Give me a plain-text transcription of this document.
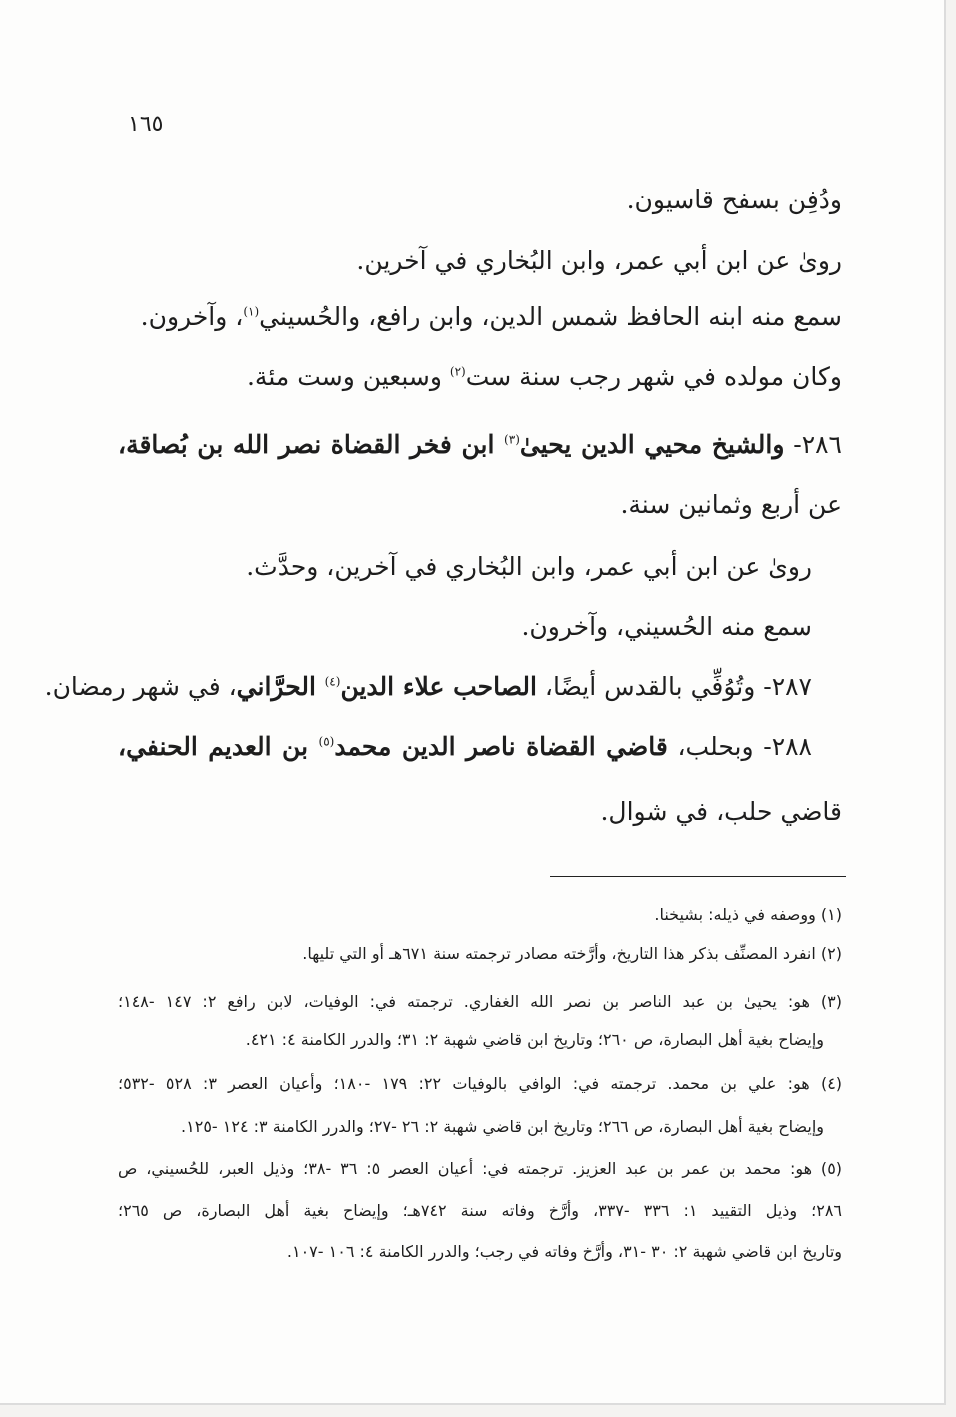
١٦٥
ودُفِن بسفح قاسيون.
روىٰ عن ابن أبي عمر، وابن البُخاري في آخرين.
سمع منه ابنه الحافظ شمس الدين، وابن رافع، والحُسيني$^{(١)}$، وآخرون.
وكان مولده في شهر رجب سنة ست$^{(٢)}$ وسبعين وست مئة.
٢٨٦- والشيخ محيي الدين يحيىٰ$^{(٣)}$ ابن فخر القضاة نصر الله بن بُصاقة،
عن أربع وثمانين سنة.
روىٰ عن ابن أبي عمر، وابن البُخاري في آخرين، وحدَّث.
سمع منه الحُسيني، وآخرون.
٢٨٧- وتُوُفِّي بالقدس أيضًا، الصاحب علاء الدين$^{(٤)}$ الحرَّاني، في شهر رمضان.
٢٨٨- وبحلب، قاضي القضاة ناصر الدين محمد$^{(٥)}$ بن العديم الحنفي،
قاضي حلب، في شوال.
(١) ووصفه في ذيله: بشيخنا.
(٢) انفرد المصنِّف بذكر هذا التاريخ، وأرَّخته مصادر ترجمته سنة ٦٧١هـ أو التي تليها.
(٣) هو: يحيىٰ بن عبد الناصر بن نصر الله الغفاري. ترجمته في: الوفيات، لابن رافع ٢: ١٤٧ -١٤٨؛
وإيضاح بغية أهل البصارة، ص ٢٦٠؛ وتاريخ ابن قاضي شهبة ٢: ٣١؛ والدرر الكامنة ٤: ٤٢١.
(٤) هو: علي بن محمد. ترجمته في: الوافي بالوفيات ٢٢: ١٧٩ -١٨٠؛ وأعيان العصر ٣: ٥٢٨ -٥٣٢؛
وإيضاح بغية أهل البصارة، ص ٢٦٦؛ وتاريخ ابن قاضي شهبة ٢: ٢٦ -٢٧؛ والدرر الكامنة ٣: ١٢٤ -١٢٥.
(٥) هو: محمد بن عمر بن عبد العزيز. ترجمته في: أعيان العصر ٥: ٣٦ -٣٨؛ وذيل العبر، للحُسيني، ص
٢٨٦؛ وذيل التقييد ١: ٣٣٦ -٣٣٧، وأرَّخ وفاته سنة ٧٤٢هـ؛ وإيضاح بغية أهل البصارة، ص ٢٦٥؛
وتاريخ ابن قاضي شهبة ٢: ٣٠ -٣١، وأرَّخ وفاته في رجب؛ والدرر الكامنة ٤: ١٠٦ -١٠٧.
